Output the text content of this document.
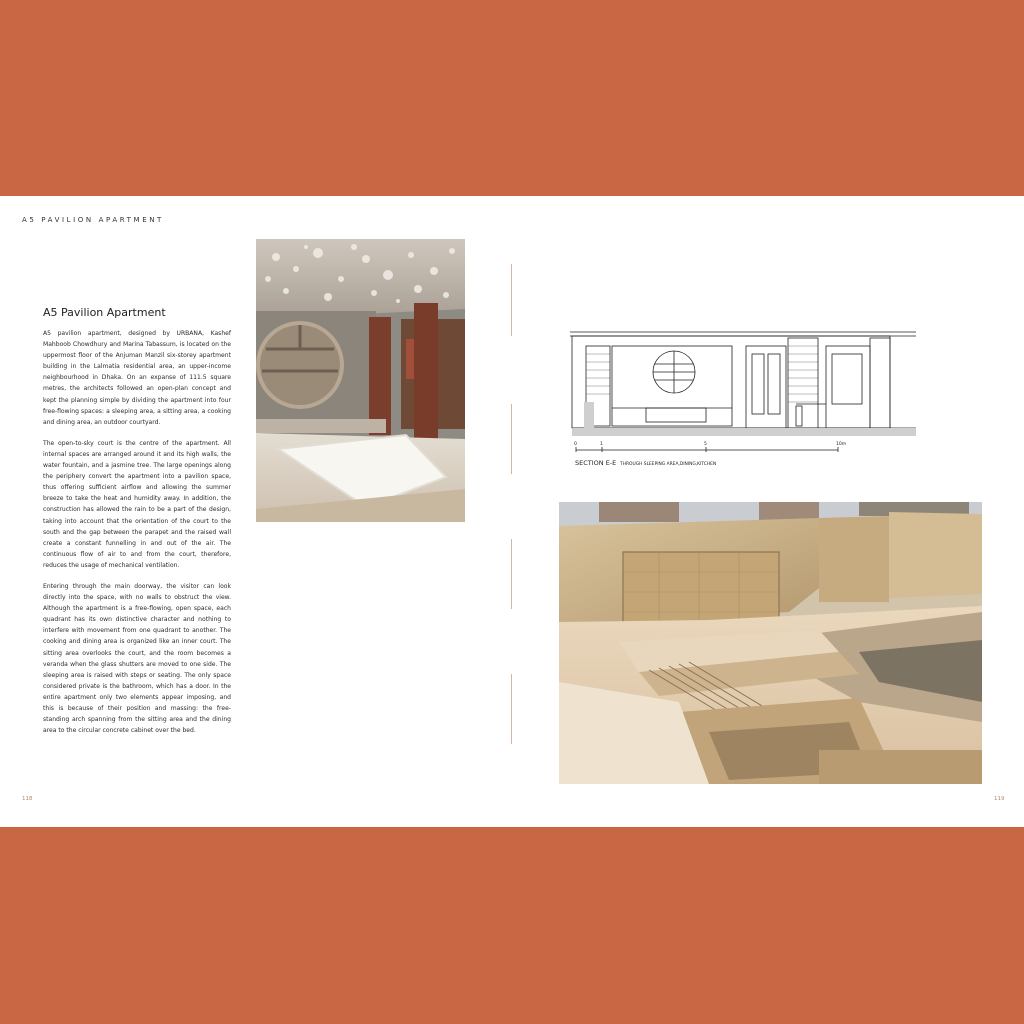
A5 PAVILION APARTMENT
A5 Pavilion Apartment

A5 pavilion apartment, designed by URBANA, Kashef Mahboob Chowdhury and Marina Tabassum, is located on the uppermost floor of the Anjuman Manzil six-storey apartment building in the Lalmatia residential area, an upper-income neighbourhood in Dhaka. On an expanse of 111.5 square metres, the architects followed an open-plan concept and kept the planning simple by dividing the apartment into four free-flowing spaces: a sleeping area, a sitting area, a cooking and dining area, an outdoor courtyard.

The open-to-sky court is the centre of the apartment. All internal spaces are arranged around it and its high walls, the water fountain, and a jasmine tree. The large openings along the periphery convert the apartment into a pavilion space, thus offering sufficient airflow and allowing the summer breeze to take the heat and humidity away. In addition, the construction has allowed the rain to be a part of the design, taking into account that the orientation of the court to the south and the gap between the parapet and the raised wall create a constant funnelling in and out of the air. The continuous flow of air to and from the court, therefore, reduces the usage of mechanical ventilation.

Entering through the main doorway, the visitor can look directly into the space, with no walls to obstruct the view. Although the apartment is a free-flowing, open space, each quadrant has its own distinctive character and nothing to interfere with movement from one quadrant to another. The cooking and dining area is organized like an inner court. The sitting area overlooks the court, and the room becomes a veranda when the glass shutters are moved to one side. The sleeping area is raised with steps or seating. The only space considered private is the bathroom, which has a door. In the entire apartment only two elements appear imposing, and this is because of their position and massing: the free-standing arch spanning from the sitting area and the dining area to the circular concrete cabinet over the bed.

0	1	5	10m
SECTION E-E THROUGH SLEEPING AREA,DINING,KITCHEN
118	119
